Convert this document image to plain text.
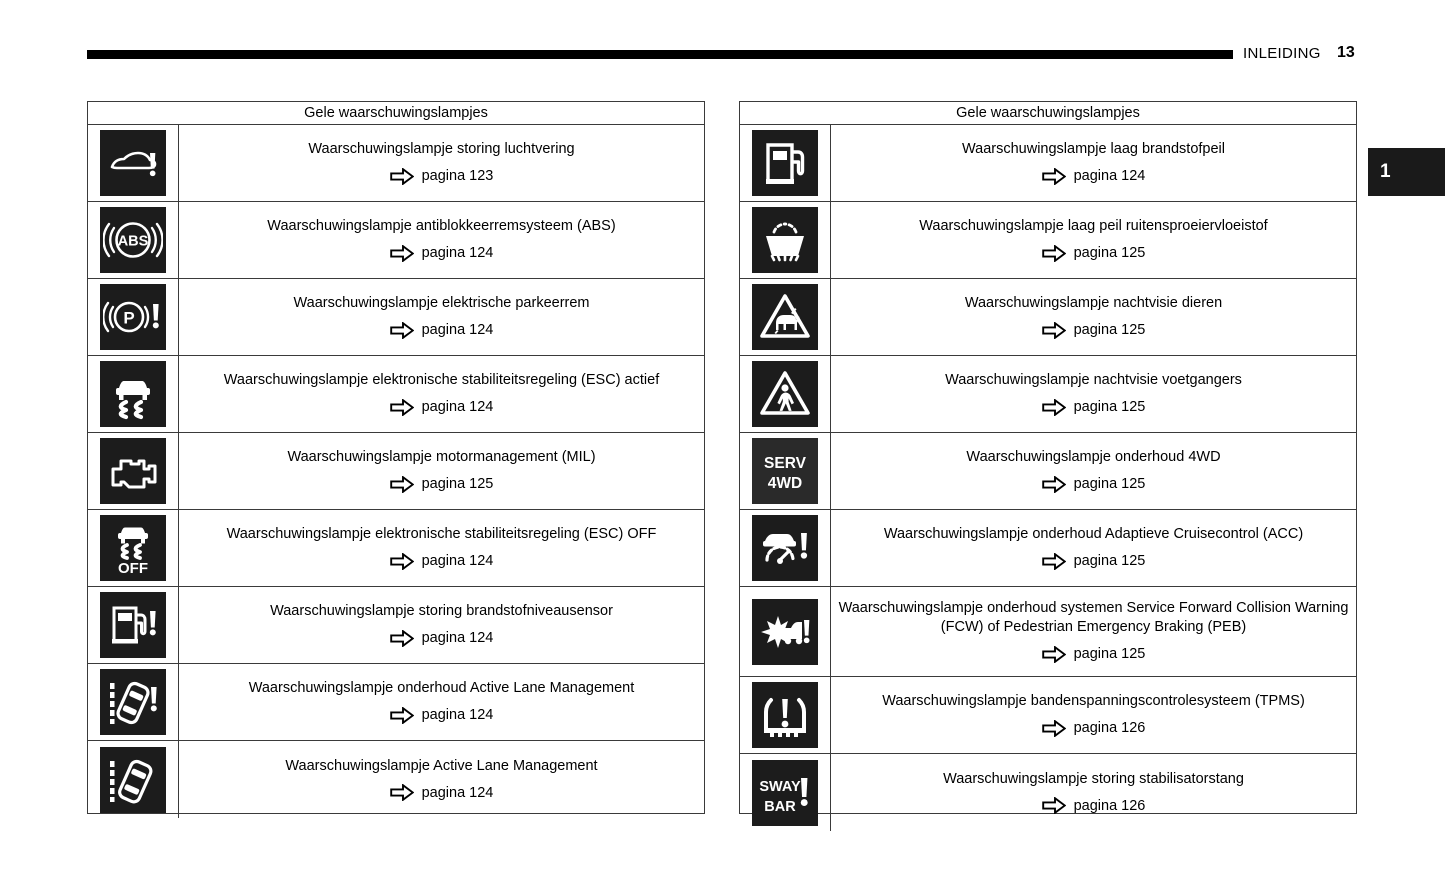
INLEIDING 13
1
Gele waarschuwingslampjes
Waarschuwingslampje storing luchtvering
pagina 123
ABS
Waarschuwingslampje antiblokkeerremsysteem (ABS)
pagina 124
P
Waarschuwingslampje elektrische parkeerrem
pagina 124
Waarschuwingslampje elektronische stabiliteitsregeling (ESC) actief
pagina 124
Waarschuwingslampje motormanagement (MIL)
pagina 125
OFF
Waarschuwingslampje elektronische stabiliteitsregeling (ESC) OFF
pagina 124
Waarschuwingslampje storing brandstofniveausensor
pagina 124
Waarschuwingslampje onderhoud Active Lane Management
pagina 124
Waarschuwingslampje Active Lane Management
pagina 124
Gele waarschuwingslampjes
Waarschuwingslampje laag brandstofpeil
pagina 124
Waarschuwingslampje laag peil ruitensproeiervloeistof
pagina 125
Waarschuwingslampje nachtvisie dieren
pagina 125
Waarschuwingslampje nachtvisie voetgangers
pagina 125
SERV
4WD
Waarschuwingslampje onderhoud 4WD
pagina 125
Waarschuwingslampje onderhoud Adaptieve Cruisecontrol (ACC)
pagina 125
Waarschuwingslampje onderhoud systemen Service Forward Collision Warning (FCW) of Pedestrian Emergency Braking (PEB)
pagina 125
Waarschuwingslampje bandenspanningscontrolesysteem (TPMS)
pagina 126
SWAY
BAR
Waarschuwingslampje storing stabilisatorstang
pagina 126
